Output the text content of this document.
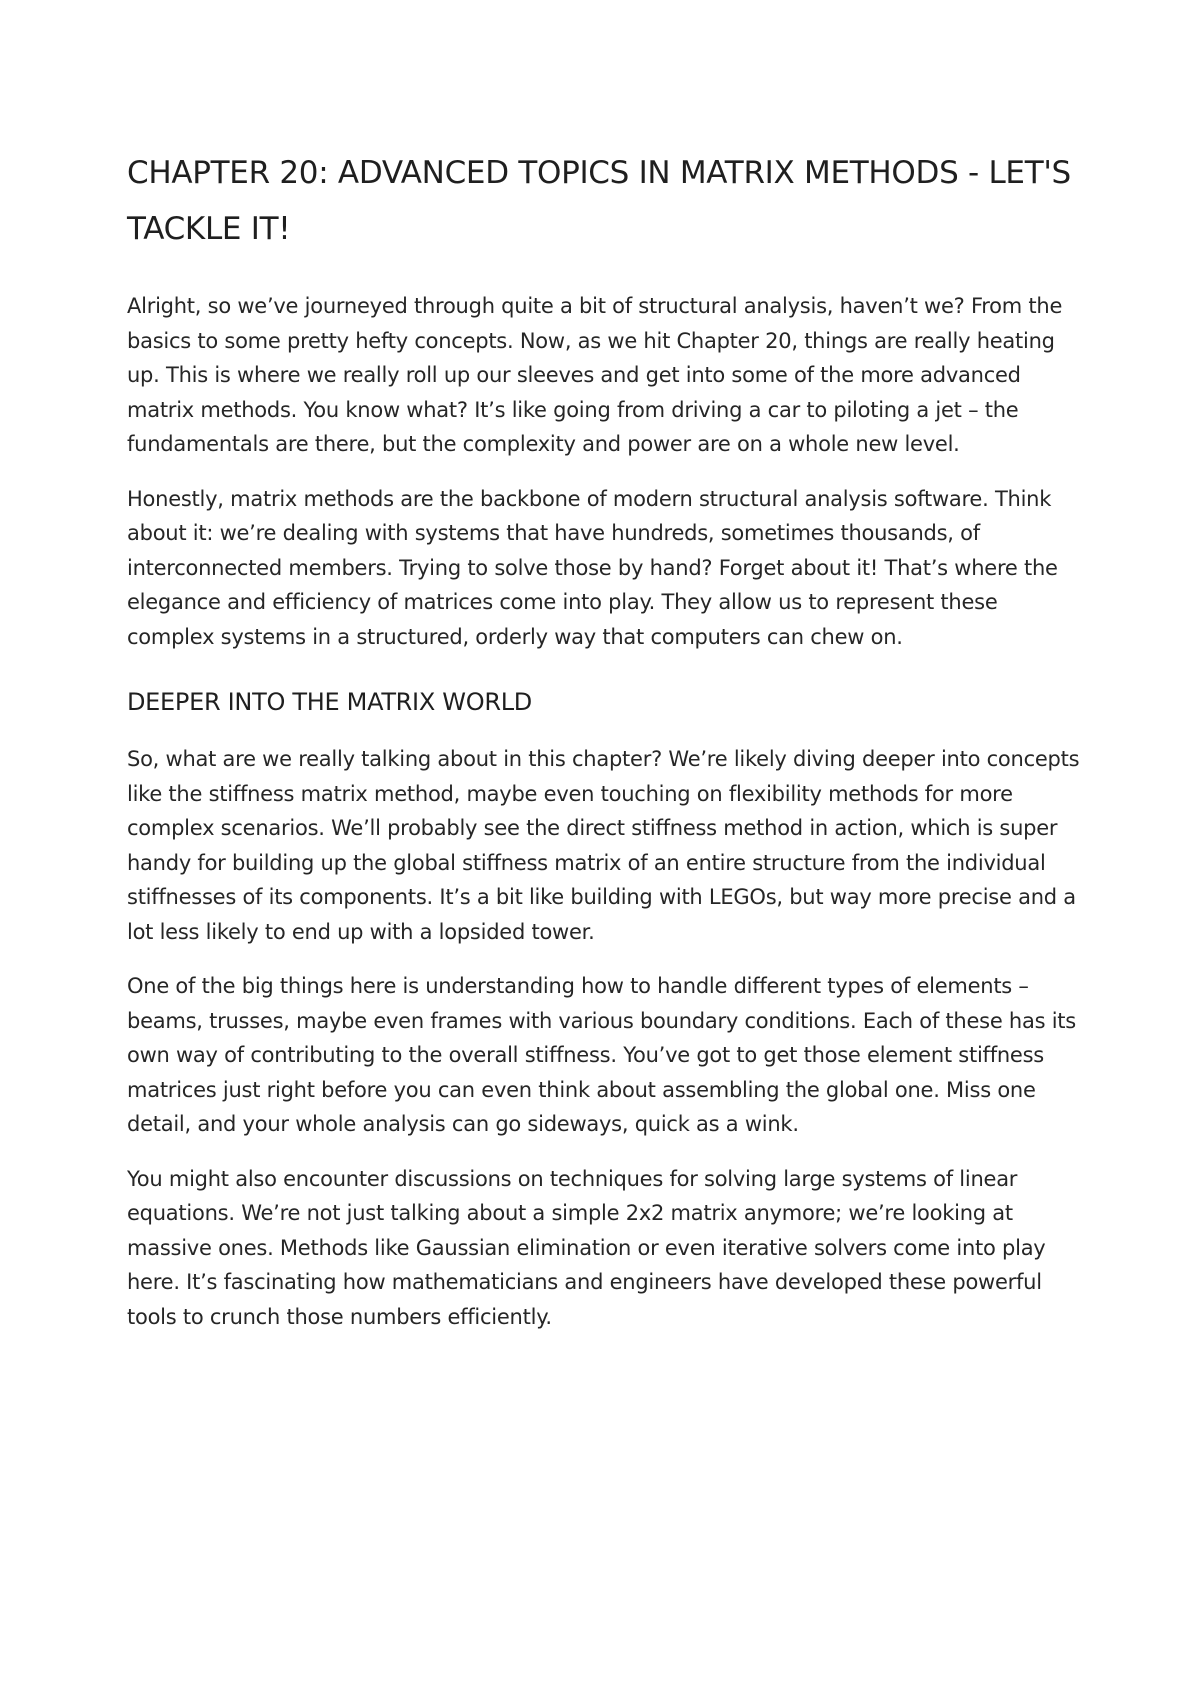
CHAPTER 20: ADVANCED TOPICS IN MATRIX METHODS - LET'S TACKLE IT!

Alright, so we’ve journeyed through quite a bit of structural analysis, haven’t we? From the basics to some pretty hefty concepts. Now, as we hit Chapter 20, things are really heating up. This is where we really roll up our sleeves and get into some of the more advanced matrix methods. You know what? It’s like going from driving a car to piloting a jet – the fundamentals are there, but the complexity and power are on a whole new level.

Honestly, matrix methods are the backbone of modern structural analysis software. Think about it: we’re dealing with systems that have hundreds, sometimes thousands, of interconnected members. Trying to solve those by hand? Forget about it! That’s where the elegance and efficiency of matrices come into play. They allow us to represent these complex systems in a structured, orderly way that computers can chew on.

DEEPER INTO THE MATRIX WORLD

So, what are we really talking about in this chapter? We’re likely diving deeper into concepts like the stiffness matrix method, maybe even touching on flexibility methods for more complex scenarios. We’ll probably see the direct stiffness method in action, which is super handy for building up the global stiffness matrix of an entire structure from the individual stiffnesses of its components. It’s a bit like building with LEGOs, but way more precise and a lot less likely to end up with a lopsided tower.

One of the big things here is understanding how to handle different types of elements – beams, trusses, maybe even frames with various boundary conditions. Each of these has its own way of contributing to the overall stiffness. You’ve got to get those element stiffness matrices just right before you can even think about assembling the global one. Miss one detail, and your whole analysis can go sideways, quick as a wink.

You might also encounter discussions on techniques for solving large systems of linear equations. We’re not just talking about a simple 2x2 matrix anymore; we’re looking at massive ones. Methods like Gaussian elimination or even iterative solvers come into play here. It’s fascinating how mathematicians and engineers have developed these powerful tools to crunch those numbers efficiently.
